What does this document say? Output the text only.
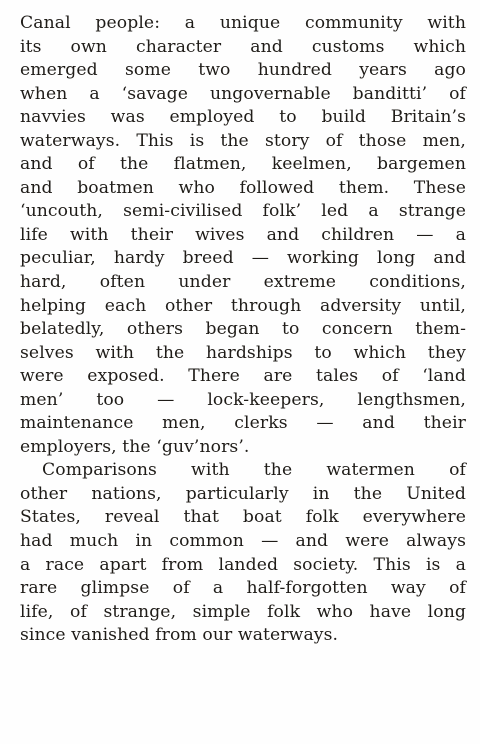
Canal people: a unique community with
its own character and customs which
emerged some two hundred years ago
when a ‘savage ungovernable banditti’ of
navvies was employed to build Britain’s
waterways. This is the story of those men,
and of the flatmen, keelmen, bargemen
and boatmen who followed them. These
‘uncouth, semi-civilised folk’ led a strange
life with their wives and children — a
peculiar, hardy breed — working long and
hard, often under extreme conditions,
helping each other through adversity until,
belatedly, others began to concern them-
selves with the hardships to which they
were exposed. There are tales of ‘land
men’ too — lock-keepers, lengthsmen,
maintenance men, clerks — and their
employers, the ‘guv’nors’.

Comparisons with the watermen of
other nations, particularly in the United
States, reveal that boat folk everywhere
had much in common — and were always
a race apart from landed society. This is a
rare glimpse of a half-forgotten way of
life, of strange, simple folk who have long
since vanished from our waterways.
